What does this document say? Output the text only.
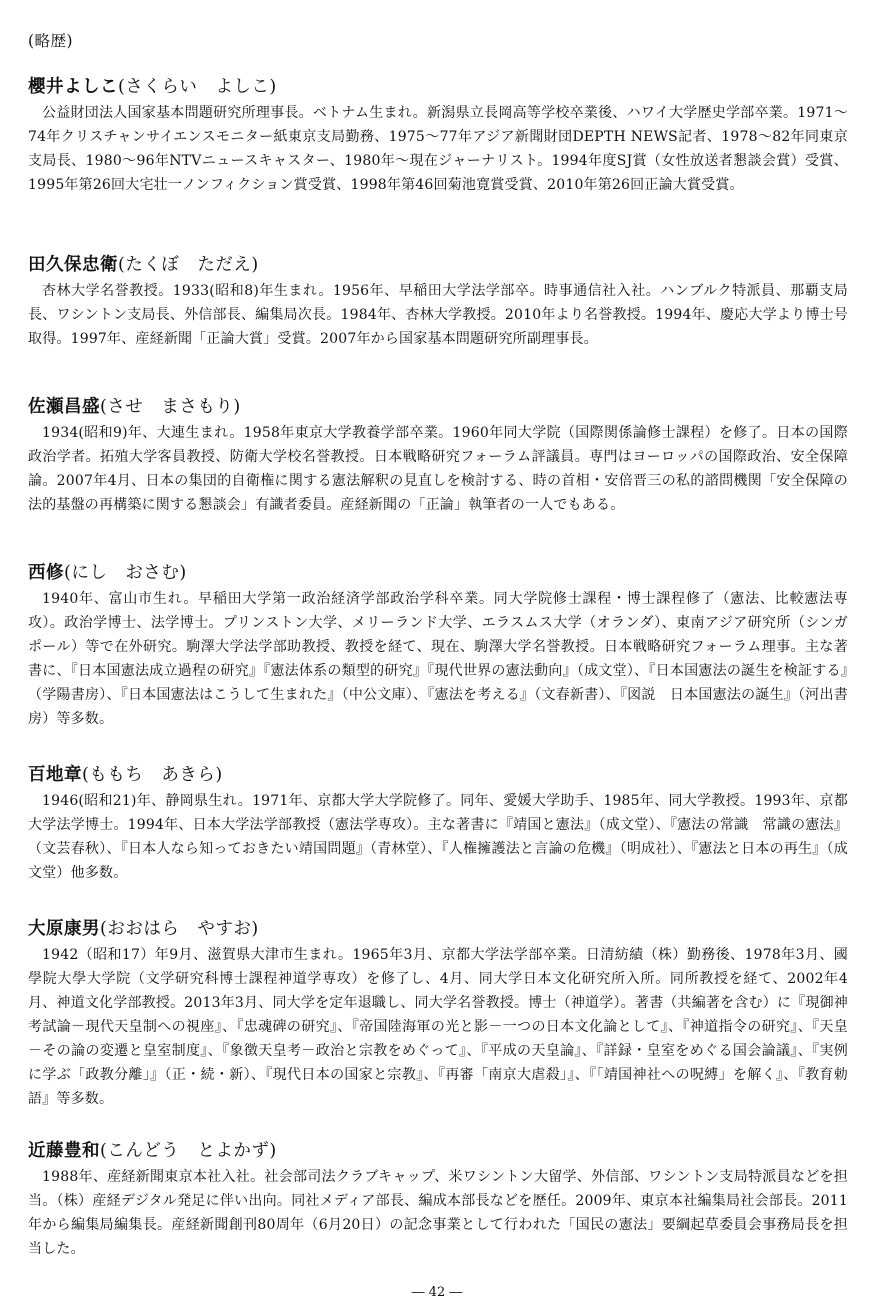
(略歴)
櫻井よしこ(さくらい　よしこ)

公益財団法人国家基本問題研究所理事長。ベトナム生まれ。新潟県立長岡高等学校卒業後、ハワイ大学歴史学部卒業。1971～74年クリスチャンサイエンスモニター紙東京支局勤務、1975～77年アジア新聞財団DEPTH NEWS記者、1978～82年同東京支局長、1980～96年NTVニュースキャスター、1980年～現在ジャーナリスト。1994年度SJ賞（女性放送者懇談会賞）受賞、1995年第26回大宅壮一ノンフィクション賞受賞、1998年第46回菊池寛賞受賞、2010年第26回正論大賞受賞。

田久保忠衛(たくぼ　ただえ)

杏林大学名誉教授。1933(昭和8)年生まれ。1956年、早稲田大学法学部卒。時事通信社入社。ハンブルク特派員、那覇支局長、ワシントン支局長、外信部長、編集局次長。1984年、杏林大学教授。2010年より名誉教授。1994年、慶応大学より博士号取得。1997年、産経新聞「正論大賞」受賞。2007年から国家基本問題研究所副理事長。

佐瀬昌盛(させ　まさもり)

1934(昭和9)年、大連生まれ。1958年東京大学教養学部卒業。1960年同大学院（国際関係論修士課程）を修了。日本の国際政治学者。拓殖大学客員教授、防衛大学校名誉教授。日本戦略研究フォーラム評議員。専門はヨーロッパの国際政治、安全保障論。2007年4月、日本の集団的自衛権に関する憲法解釈の見直しを検討する、時の首相・安倍晋三の私的諮問機関「安全保障の法的基盤の再構築に関する懇談会」有識者委員。産経新聞の「正論」執筆者の一人でもある。

西修(にし　おさむ)

1940年、富山市生れ。早稲田大学第一政治経済学部政治学科卒業。同大学院修士課程・博士課程修了（憲法、比較憲法専攻）。政治学博士、法学博士。プリンストン大学、メリーランド大学、エラスムス大学（オランダ）、東南アジア研究所（シンガポール）等で在外研究。駒澤大学法学部助教授、教授を経て、現在、駒澤大学名誉教授。日本戦略研究フォーラム理事。主な著書に、『日本国憲法成立過程の研究』『憲法体系の類型的研究』『現代世界の憲法動向』（成文堂）、『日本国憲法の誕生を検証する』（学陽書房）、『日本国憲法はこうして生まれた』（中公文庫）、『憲法を考える』（文春新書）、『図説　日本国憲法の誕生』（河出書房）等多数。

百地章(ももち　あきら)

1946(昭和21)年、静岡県生れ。1971年、京都大学大学院修了。同年、愛媛大学助手、1985年、同大学教授。1993年、京都大学法学博士。1994年、日本大学法学部教授（憲法学専攻）。主な著書に『靖国と憲法』（成文堂）、『憲法の常識　常識の憲法』（文芸春秋）、『日本人なら知っておきたい靖国問題』（青林堂）、『人権擁護法と言論の危機』（明成社）、『憲法と日本の再生』（成文堂）他多数。

大原康男(おおはら　やすお)

1942（昭和17）年9月、滋賀県大津市生まれ。1965年3月、京都大学法学部卒業。日清紡績（株）勤務後、1978年3月、國學院大學大学院（文学研究科博士課程神道学専攻）を修了し、4月、同大学日本文化研究所入所。同所教授を経て、2002年4月、神道文化学部教授。2013年3月、同大学を定年退職し、同大学名誉教授。博士（神道学）。著書（共編著を含む）に『現御神考試論－現代天皇制への視座』、『忠魂碑の研究』、『帝国陸海軍の光と影－一つの日本文化論として』、『神道指令の研究』、『天皇－その論の変遷と皇室制度』、『象徴天皇考－政治と宗教をめぐって』、『平成の天皇論』、『詳録・皇室をめぐる国会論議』、『実例に学ぶ「政教分離」』（正・続・新）、『現代日本の国家と宗教』、『再審「南京大虐殺」』、『「靖国神社への呪縛」を解く』、『教育勅語』等多数。

近藤豊和(こんどう　とよかず)

1988年、産経新聞東京本社入社。社会部司法クラブキャップ、米ワシントン大留学、外信部、ワシントン支局特派員などを担当。（株）産経デジタル発足に伴い出向。同社メディア部長、編成本部長などを歴任。2009年、東京本社編集局社会部長。2011年から編集局編集長。産経新聞創刊80周年（6月20日）の記念事業として行われた「国民の憲法」要綱起草委員会事務局長を担当した。

― 42 ―
